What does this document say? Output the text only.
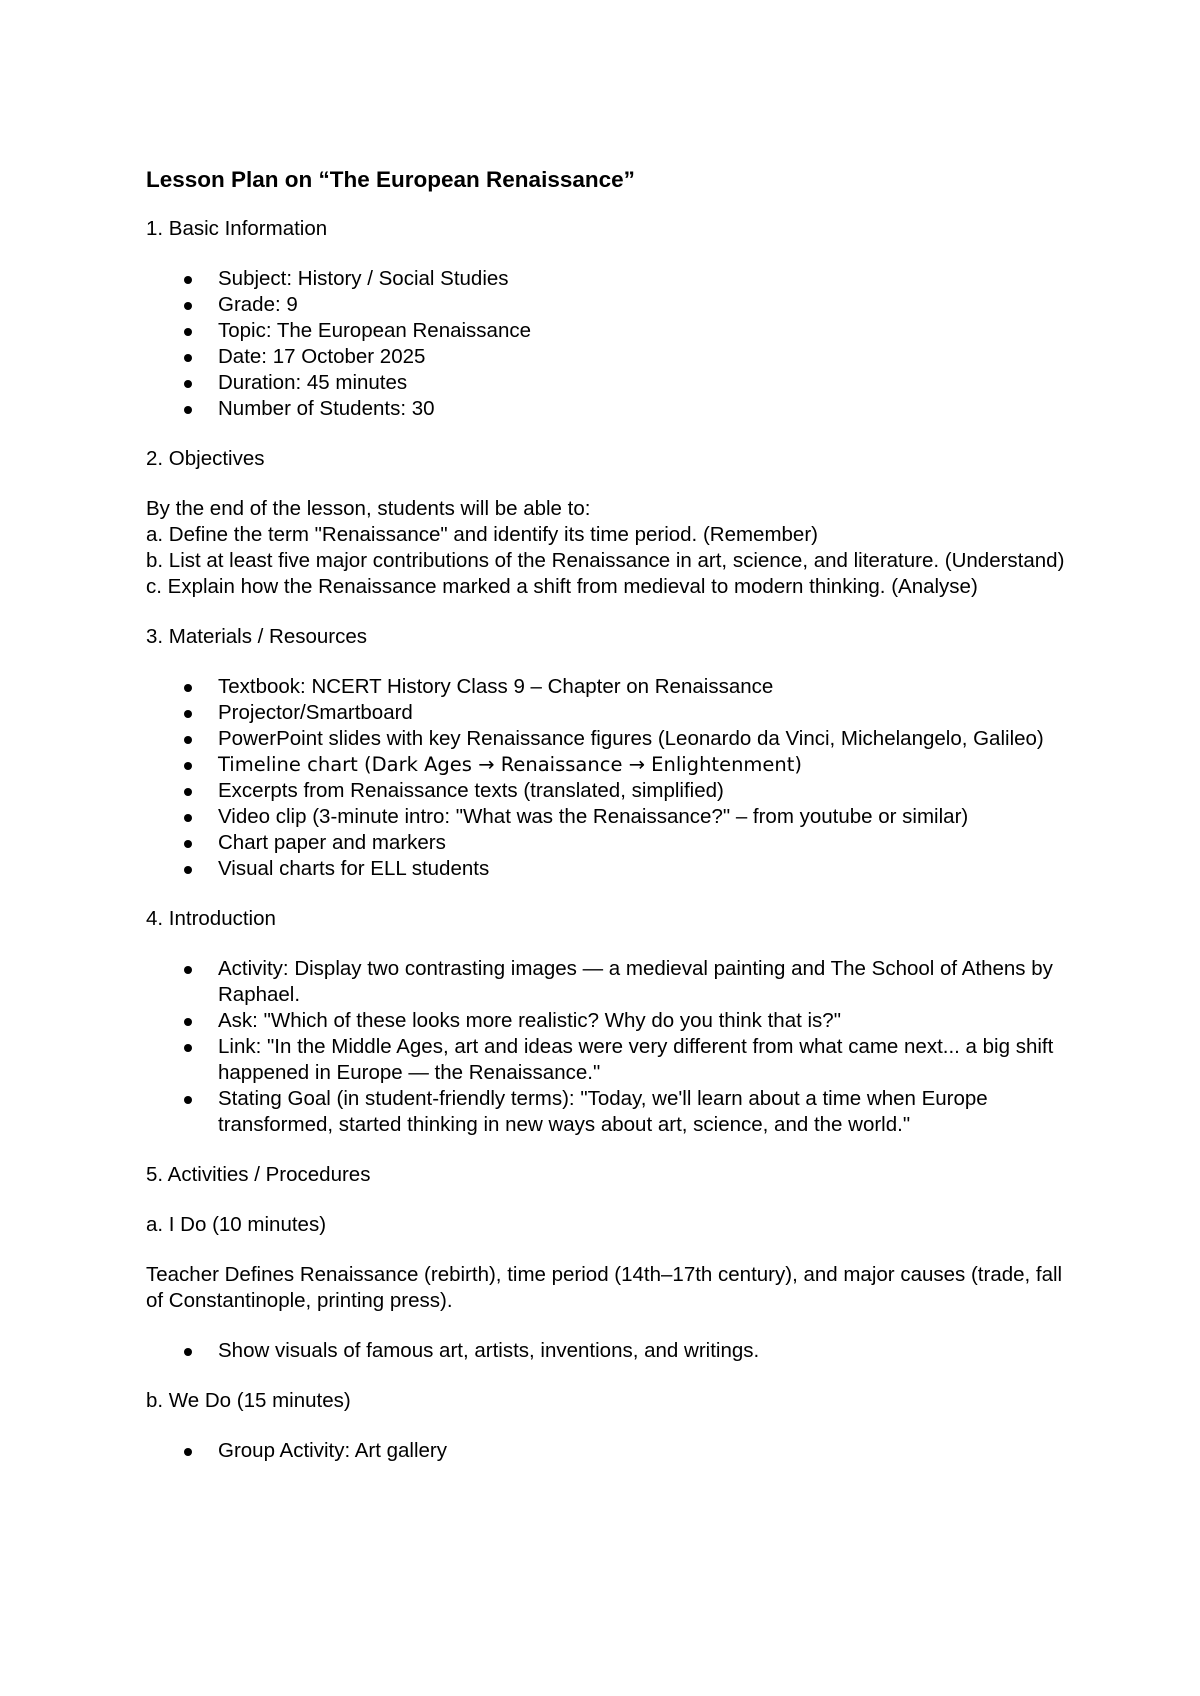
Lesson Plan on “The European Renaissance”

1. Basic Information

Subject: History / Social Studies
Grade: 9
Topic: The European Renaissance
Date: 17 October 2025
Duration: 45 minutes
Number of Students: 30

2. Objectives

By the end of the lesson, students will be able to:
a. Define the term "Renaissance" and identify its time period. (Remember)
b. List at least five major contributions of the Renaissance in art, science, and literature. (Understand)
c. Explain how the Renaissance marked a shift from medieval to modern thinking. (Analyse)

3. Materials / Resources

Textbook: NCERT History Class 9 – Chapter on Renaissance
Projector/Smartboard
PowerPoint slides with key Renaissance figures (Leonardo da Vinci, Michelangelo, Galileo)
Timeline chart (Dark Ages → Renaissance → Enlightenment)
Excerpts from Renaissance texts (translated, simplified)
Video clip (3-minute intro: "What was the Renaissance?" – from youtube or similar)
Chart paper and markers
Visual charts for ELL students

4. Introduction

Activity: Display two contrasting images — a medieval painting and The School of Athens by Raphael.
Ask: "Which of these looks more realistic? Why do you think that is?"
Link: "In the Middle Ages, art and ideas were very different from what came next... a big shift happened in Europe — the Renaissance."
Stating Goal (in student-friendly terms): "Today, we'll learn about a time when Europe transformed, started thinking in new ways about art, science, and the world."

5. Activities / Procedures

a. I Do (10 minutes)

Teacher Defines Renaissance (rebirth), time period (14th–17th century), and major causes (trade, fall of Constantinople, printing press).

Show visuals of famous art, artists, inventions, and writings.

b. We Do (15 minutes)

Group Activity: Art gallery
